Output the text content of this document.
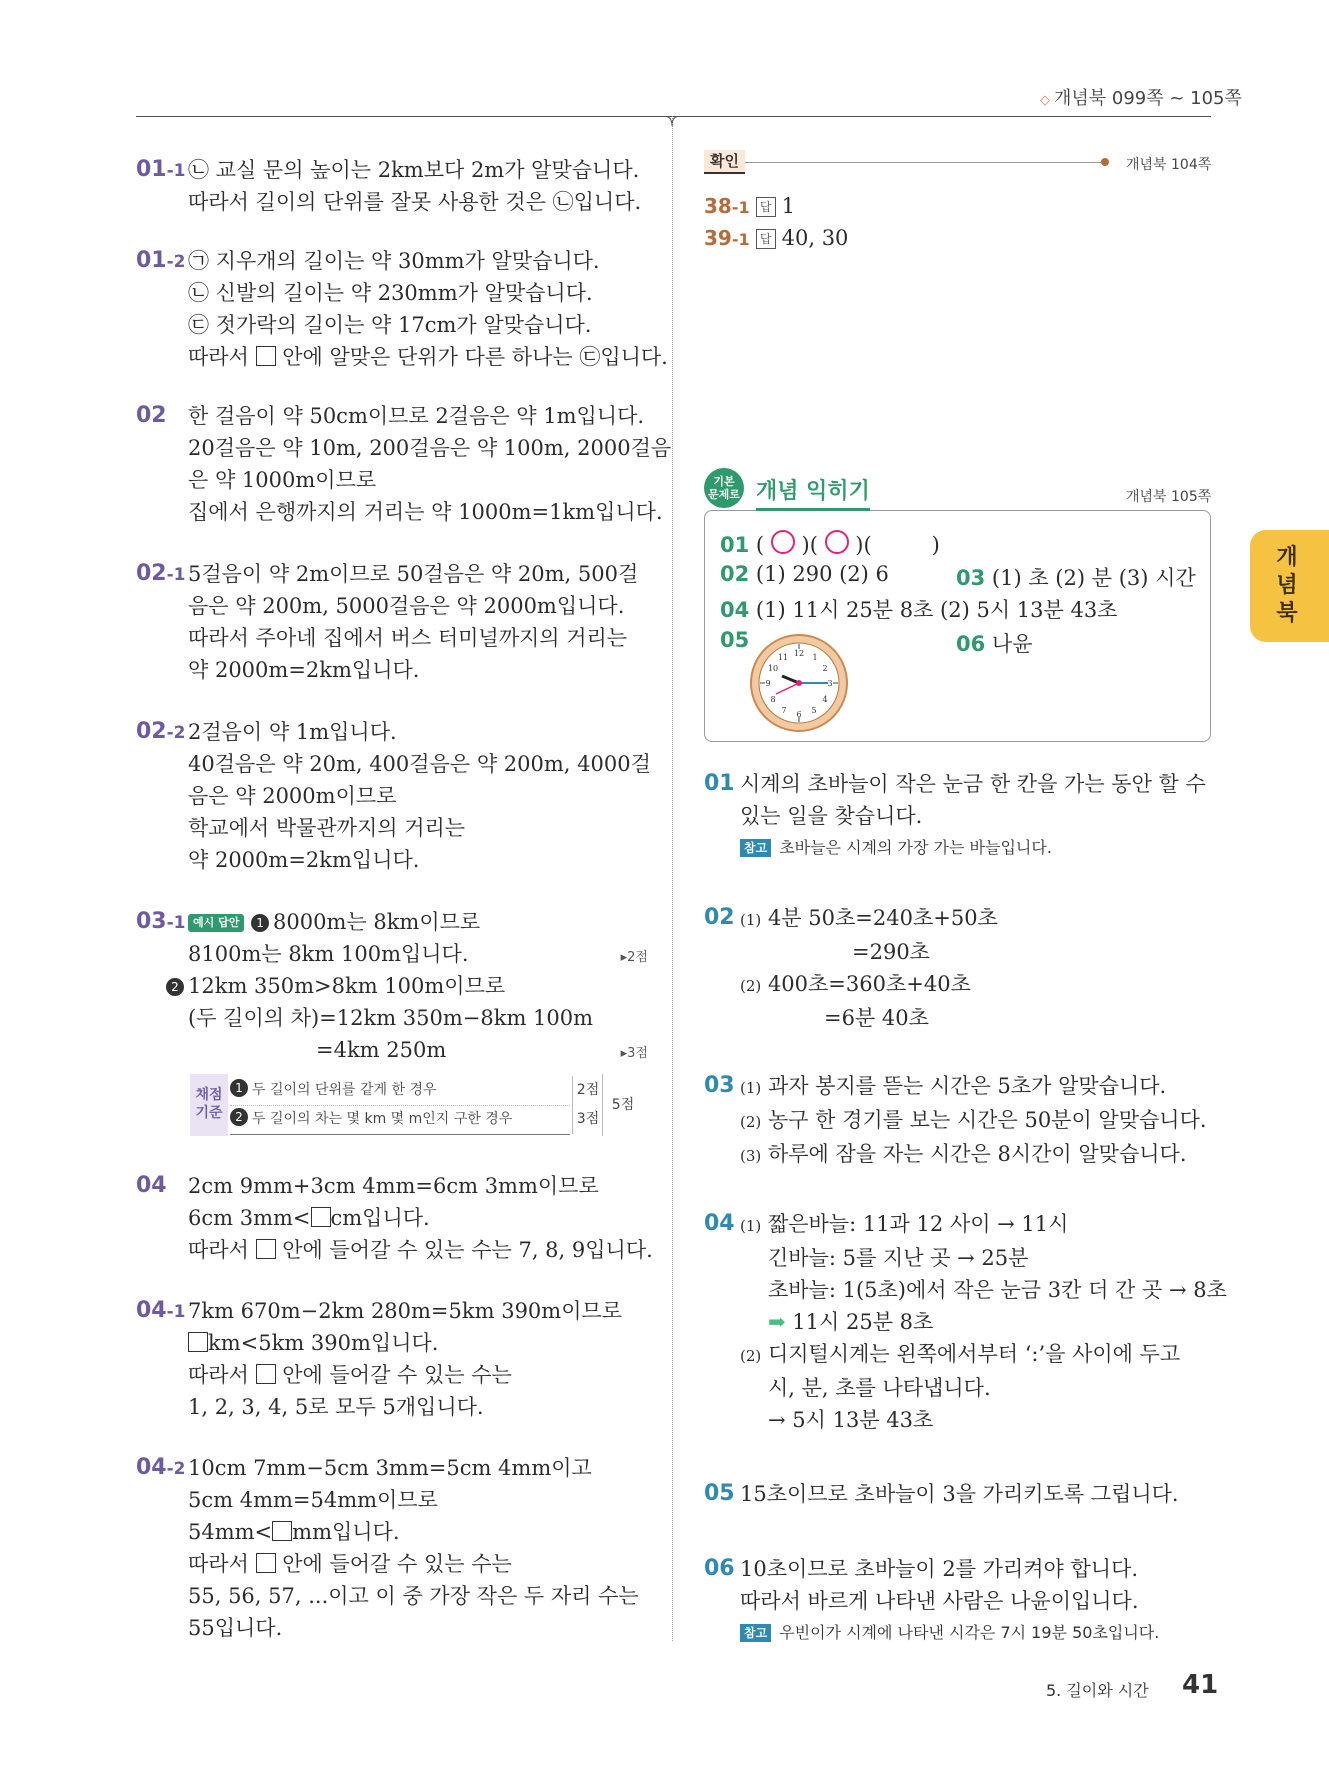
◇ 개념북 099쪽 ~ 105쪽
01-1 ㉡ 교실 문의 높이는 2km보다 2m가 알맞습니다.
따라서 길이의 단위를 잘못 사용한 것은 ㉡입니다.
01-2 ㉠ 지우개의 길이는 약 30mm가 알맞습니다.
㉡ 신발의 길이는 약 230mm가 알맞습니다.
㉢ 젓가락의 길이는 약 17cm가 알맞습니다.
따라서  안에 알맞은 단위가 다른 하나는 ㉢입니다.
02 한 걸음이 약 50cm이므로 2걸음은 약 1m입니다.
20걸음은 약 10m, 200걸음은 약 100m, 2000걸음
은 약 1000m이므로
집에서 은행까지의 거리는 약 1000m=1km입니다.
02-1 5걸음이 약 2m이므로 50걸음은 약 20m, 500걸
음은 약 200m, 5000걸음은 약 2000m입니다.
따라서 주아네 집에서 버스 터미널까지의 거리는
약 2000m=2km입니다.
02-2 2걸음이 약 1m입니다.
40걸음은 약 20m, 400걸음은 약 200m, 4000걸
음은 약 2000m이므로
학교에서 박물관까지의 거리는
약 2000m=2km입니다.
03-1 예시 답안 1 8000m는 8km이므로
8100m는 8km 100m입니다.	▸2점
2 12km 350m>8km 100m이므로
(두 길이의 차)=12km 350m−8km 100m
=4km 250m	▸3점
채점 기준
1 두 길이의 단위를 같게 한 경우	2점
2 두 길이의 차는 몇 km 몇 m인지 구한 경우	3점
5점
04 2cm 9mm+3cm 4mm=6cm 3mm이므로
6cm 3mm< cm입니다.
따라서  안에 들어갈 수 있는 수는 7, 8, 9입니다.
04-1 7km 670m−2km 280m=5km 390m이므로
km<5km 390m입니다.
따라서  안에 들어갈 수 있는 수는
1, 2, 3, 4, 5로 모두 5개입니다.
04-2 10cm 7mm−5cm 3mm=5cm 4mm이고
5cm 4mm=54mm이므로
54mm< mm입니다.
따라서  안에 들어갈 수 있는 수는
55, 56, 57, ...이고 이 중 가장 작은 두 자리 수는
55입니다.
확인	개념북 104쪽
38-1 답 1
39-1 답 40, 30
기본
문제로 개념 익히기	개념북 105쪽
01 ( ○ )( ○ )(	)
02 (1) 290 (2) 6	03 (1) 초 (2) 분 (3) 시간
04 (1) 11시 25분 8초 (2) 5시 13분 43초
05	06 나윤
12
3
6
9
1
2
4
5
7
8
10
11
01 시계의 초바늘이 작은 눈금 한 칸을 가는 동안 할 수
있는 일을 찾습니다.
참고 초바늘은 시계의 가장 가는 바늘입니다.
02 (1) 4분 50초=240초+50초
=290초
(2) 400초=360초+40초
=6분 40초
03 (1) 과자 봉지를 뜯는 시간은 5초가 알맞습니다.
(2) 농구 한 경기를 보는 시간은 50분이 알맞습니다.
(3) 하루에 잠을 자는 시간은 8시간이 알맞습니다.
04 (1) 짧은바늘: 11과 12 사이 → 11시
긴바늘: 5를 지난 곳 → 25분
초바늘: 1(5초)에서 작은 눈금 3칸 더 간 곳 → 8초
➡ 11시 25분 8초
(2) 디지털시계는 왼쪽에서부터 ‘:’을 사이에 두고
시, 분, 초를 나타냅니다.
→ 5시 13분 43초
05 15초이므로 초바늘이 3을 가리키도록 그립니다.
06 10초이므로 초바늘이 2를 가리켜야 합니다.
따라서 바르게 나타낸 사람은 나윤이입니다.
참고 우빈이가 시계에 나타낸 시각은 7시 19분 50초입니다.
개념북
5. 길이와 시간 41
